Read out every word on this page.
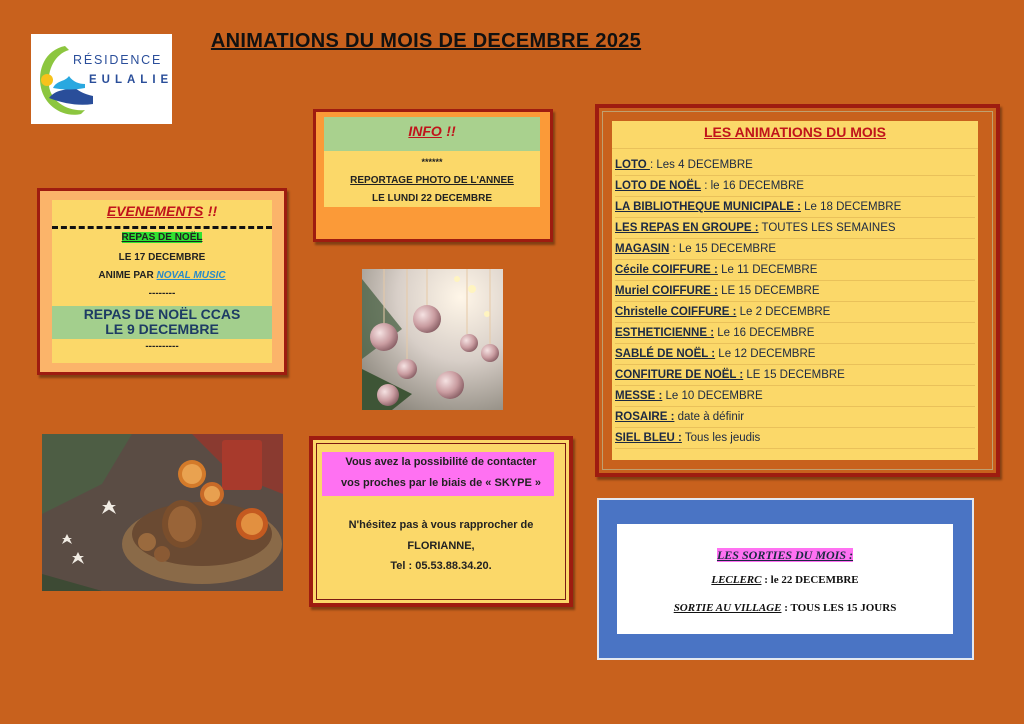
ANIMATIONS DU MOIS DE DECEMBRE 2025
RÉSIDENCE
EULALIE
EVENEMENTS !!
REPAS DE NOËL
LE 17 DECEMBRE
ANIME PAR NOVAL MUSIC
--------
REPAS DE NOËL CCAS
LE 9 DECEMBRE
----------
INFO !!
******
REPORTAGE PHOTO DE L'ANNEE
LE LUNDI 22 DECEMBRE
LES ANIMATIONS DU MOIS
LOTO : Les 4 DECEMBRE
LOTO DE NOËL : le 16 DECEMBRE
LA BIBLIOTHEQUE MUNICIPALE : Le 18 DECEMBRE
LES REPAS EN GROUPE : TOUTES LES SEMAINES
MAGASIN : Le 15 DECEMBRE
Cécile COIFFURE : Le 11 DECEMBRE
Muriel COIFFURE : LE 15 DECEMBRE
Christelle COIFFURE : Le 2 DECEMBRE
ESTHETICIENNE : Le 16 DECEMBRE
SABLÉ DE NOËL : Le 12 DECEMBRE
CONFITURE DE NOËL : LE 15 DECEMBRE
MESSE : Le 10 DECEMBRE
ROSAIRE : date à définir
SIEL BLEU : Tous les jeudis
Vous avez la possibilité de contacter
vos proches par le biais de « SKYPE »
N'hésitez pas à vous rapprocher de
FLORIANNE,
Tel : 05.53.88.34.20.
LES SORTIES DU MOIS :
LECLERC : le 22 DECEMBRE
SORTIE AU VILLAGE : TOUS LES 15 JOURS
